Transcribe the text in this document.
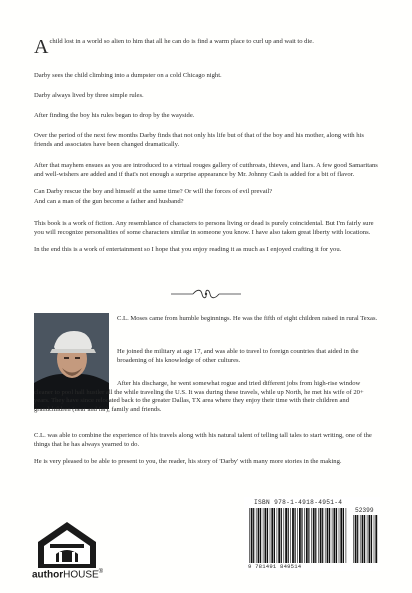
Achild lost in a world so alien to him that all he can do is find a warm place to curl up and wait to die.

Darby sees the child climbing into a dumpster on a cold Chicago night.

Darby always lived by three simple rules.

After finding the boy his rules began to drop by the wayside.

Over the period of the next few months Darby finds that not only his life but of that of the boy and his mother, along with his friends and associates have been changed dramatically.

After that mayhem ensues as you are introduced to a virtual rouges gallery of cutthroats, thieves, and liars. A few good Samaritans and well-wishers are added and if that's not enough a surprise appearance by Mr. Johnny Cash is added for a bit of flavor.

Can Darby rescue the boy and himself at the same time? Or will the forces of evil prevail?

And can a man of the gun become a father and husband?

This book is a work of fiction. Any resemblance of characters to persons living or dead is purely coincidental. But I'm fairly sure you will recognize personalities of some characters similar in someone you know. I have also taken great liberty with locations.

In the end this is a work of entertainment so I hope that you enjoy reading it as much as I enjoyed crafting it for you.

C.L. Moses came from humble beginnings. He was the fifth of eight children raised in rural Texas.

He joined the military at age 17, and was able to travel to foreign countries that aided in the broadening of his knowledge of other cultures.

After his discharge, he went somewhat rogue and tried different jobs from high-rise window cleaner to pool hall hustler all the while traveling the U.S. It was during these travels, while up North, he met his wife of 20+ years. They have since relocated back to the greater Dallas, TX area where they enjoy their time with their children and grandchildren (near and far), family and friends.

C.L. was able to combine the experience of his travels along with his natural talent of telling tall tales to start writing, one of the things that he has always yearned to do.

He is very pleased to be able to present to you, the reader, his story of 'Darby' with many more stories in the making.

authorHOUSE®
ISBN 978-1-4918-4951-4
52399
9 781491 849514
